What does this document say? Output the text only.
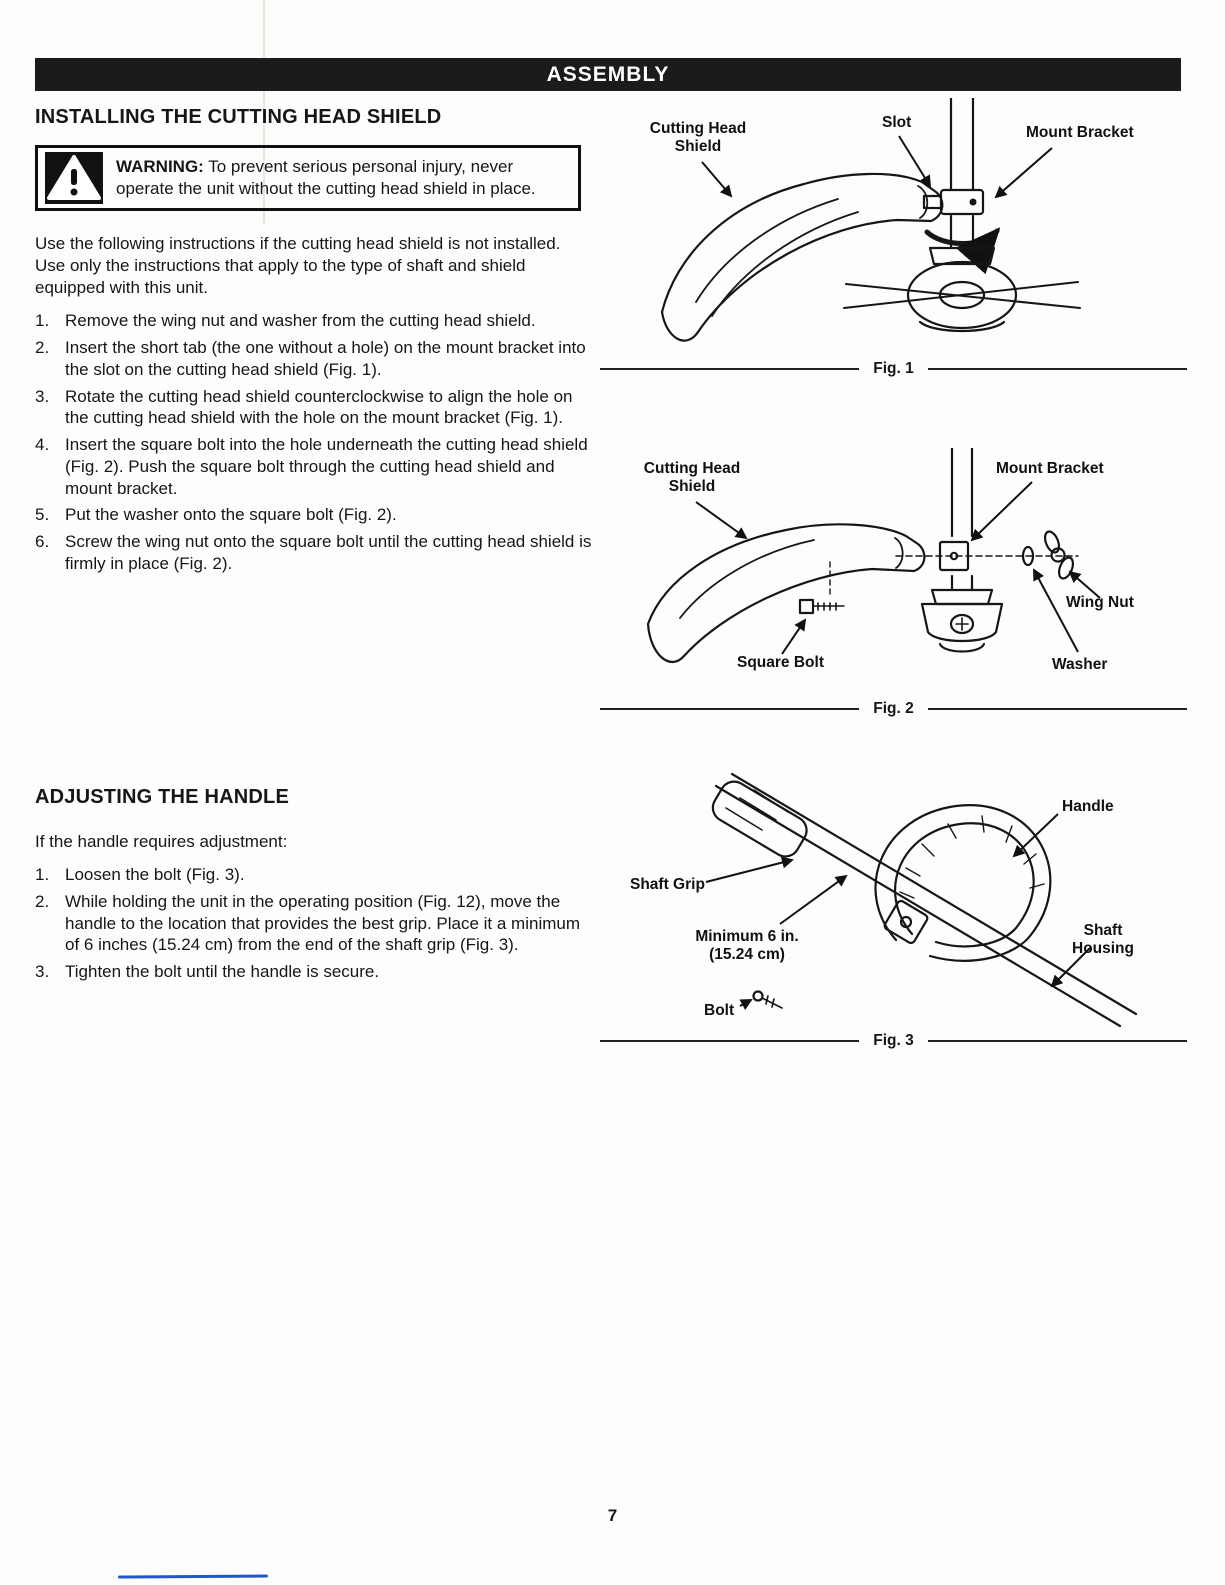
ASSEMBLY
INSTALLING THE CUTTING HEAD SHIELD
WARNING: To prevent serious personal injury, never operate the unit without the cutting head shield in place.
Use the following instructions if the cutting head shield is not installed. Use only the instructions that apply to the type of shaft and shield equipped with this unit.
1. Remove the wing nut and washer from the cutting head shield.
2. Insert the short tab (the one without a hole) on the mount bracket into the slot on the cutting head shield (Fig. 1).
3. Rotate the cutting head shield counterclockwise to align the hole on the cutting head shield with the hole on the mount bracket (Fig. 1).
4. Insert the square bolt into the hole underneath the cutting head shield (Fig. 2). Push the square bolt through the cutting head shield and mount bracket.
5. Put the washer onto the square bolt (Fig. 2).
6. Screw the wing nut onto the square bolt until the cutting head shield is firmly in place (Fig. 2).
ADJUSTING THE HANDLE
If the handle requires adjustment:
1. Loosen the bolt (Fig. 3).
2. While holding the unit in the operating position (Fig. 12), move the handle to the location that provides the best grip. Place it a minimum of 6 inches (15.24 cm) from the end of the shaft grip (Fig. 3).
3. Tighten the bolt until the handle is secure.
Cutting Head Shield
Slot
Mount Bracket
Fig. 1
Cutting Head Shield
Mount Bracket
Wing Nut
Washer
Square Bolt
Fig. 2
Handle
Shaft Grip
Minimum 6 in.
(15.24 cm)
Bolt
Shaft
Housing
Fig. 3
7
